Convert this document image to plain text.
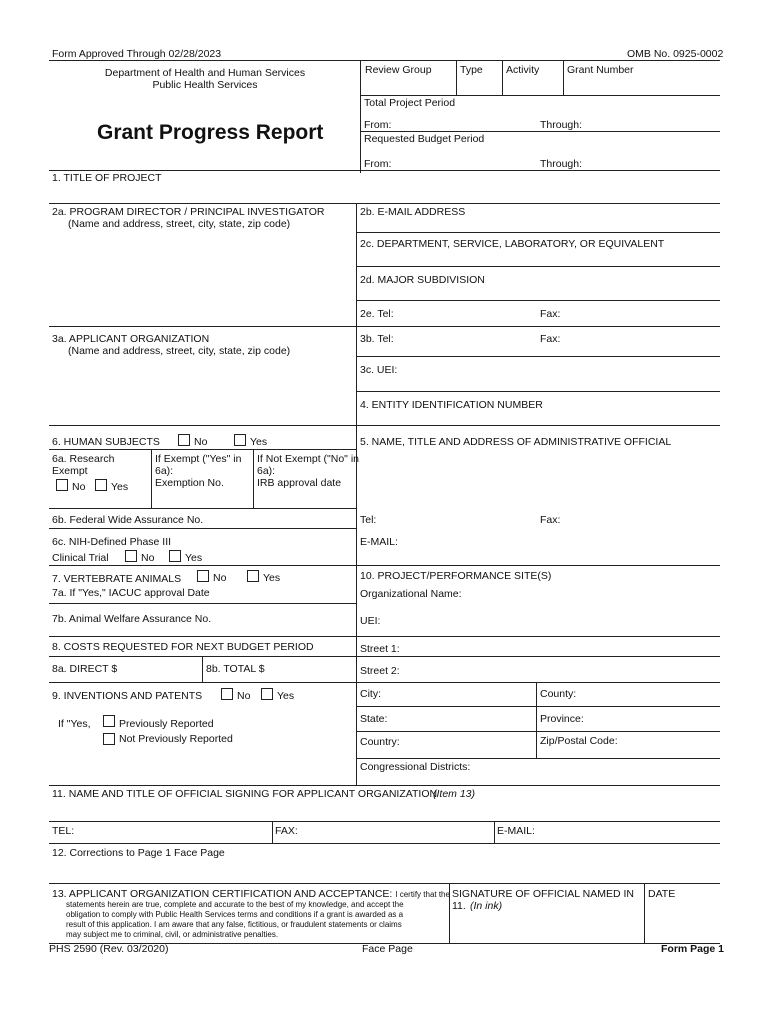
Form Approved Through 02/28/2023	OMB No. 0925-0002
Department of Health and Human Services
Public Health Services
Grant Progress Report
Review Group	Type Activity	Grant Number
Total Project Period
From:	Through:
Requested Budget Period
From:	Through:
1. TITLE OF PROJECT
2a. PROGRAM DIRECTOR / PRINCIPAL INVESTIGATOR
(Name and address, street, city, state, zip code)
2b. E-MAIL ADDRESS
2c. DEPARTMENT, SERVICE, LABORATORY, OR EQUIVALENT
2d. MAJOR SUBDIVISION
2e. Tel:	Fax:
3a. APPLICANT ORGANIZATION
(Name and address, street, city, state, zip code)
3b. Tel:	Fax:
3c. UEI:
4. ENTITY IDENTIFICATION NUMBER
6. HUMAN SUBJECTS	No	Yes	5. NAME, TITLE AND ADDRESS OF ADMINISTRATIVE OFFICIAL
6a. Research
Exempt
No Yes
If Exempt ("Yes" in
6a):
Exemption No.
If Not Exempt ("No" in
6a):
IRB approval date
6b. Federal Wide Assurance No.	Tel:	Fax:
6c. NIH-Defined Phase III
Clinical Trial	No	Yes
E-MAIL:
7. VERTEBRATE ANIMALS	No	Yes	10. PROJECT/PERFORMANCE SITE(S)
7a. If "Yes," IACUC approval Date	Organizational Name:
7b. Animal Welfare Assurance No.	UEI:
8. COSTS REQUESTED FOR NEXT BUDGET PERIOD	Street 1:
8a. DIRECT $	8b. TOTAL $	Street 2:
9. INVENTIONS AND PATENTS	No	Yes	City:	County:
If "Yes,	Previously Reported
Not Previously Reported
State:	Province:
Country:	Zip/Postal Code:
Congressional Districts:
11. NAME AND TITLE OF OFFICIAL SIGNING FOR APPLICANT ORGANIZATION
(Item 13)
TEL:	FAX:	E-MAIL:
12. Corrections to Page 1 Face Page
13. APPLICANT ORGANIZATION CERTIFICATION AND ACCEPTANCE: I certify that the
statements herein are true, complete and accurate to the best of my knowledge, and accept the
obligation to comply with Public Health Services terms and conditions if a grant is awarded as a
result of this application. I am aware that any false, fictitious, or fraudulent statements or claims
may subject me to criminal, civil, or administrative penalties.
SIGNATURE OF OFFICIAL NAMED IN
11. (In ink)
DATE
PHS 2590 (Rev. 03/2020)	Face Page	Form Page 1
